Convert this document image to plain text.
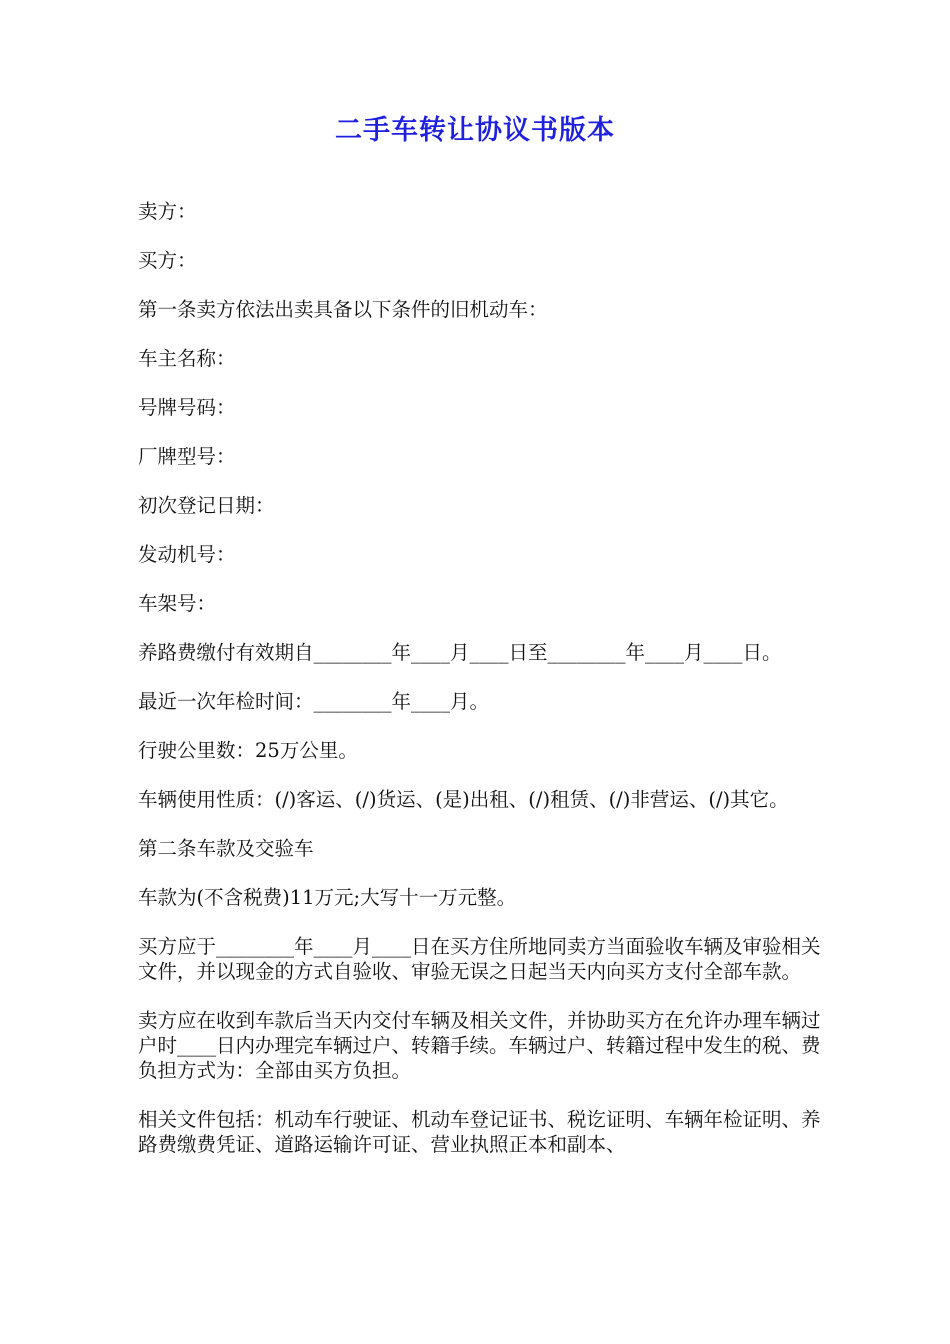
二手车转让协议书版本

卖方：

买方：

第一条卖方依法出卖具备以下条件的旧机动车：

车主名称：

号牌号码：

厂牌型号：

初次登记日期：

发动机号：

车架号：

养路费缴付有效期自________年____月____日至________年____月____日。

最近一次年检时间：________年____月。

行驶公里数：25万公里。

车辆使用性质：(/)客运、(/)货运、(是)出租、(/)租赁、(/)非营运、(/)其它。

第二条车款及交验车

车款为(不含税费)11万元;大写十一万元整。

买方应于________年____月____日在买方住所地同卖方当面验收车辆及审验相关文件，并以现金的方式自验收、审验无误之日起当天内向买方支付全部车款。

卖方应在收到车款后当天内交付车辆及相关文件，并协助买方在允许办理车辆过户时____日内办理完车辆过户、转籍手续。车辆过户、转籍过程中发生的税、费负担方式为：全部由买方负担。

相关文件包括：机动车行驶证、机动车登记证书、税讫证明、车辆年检证明、养路费缴费凭证、道路运输许可证、营业执照正本和副本、
